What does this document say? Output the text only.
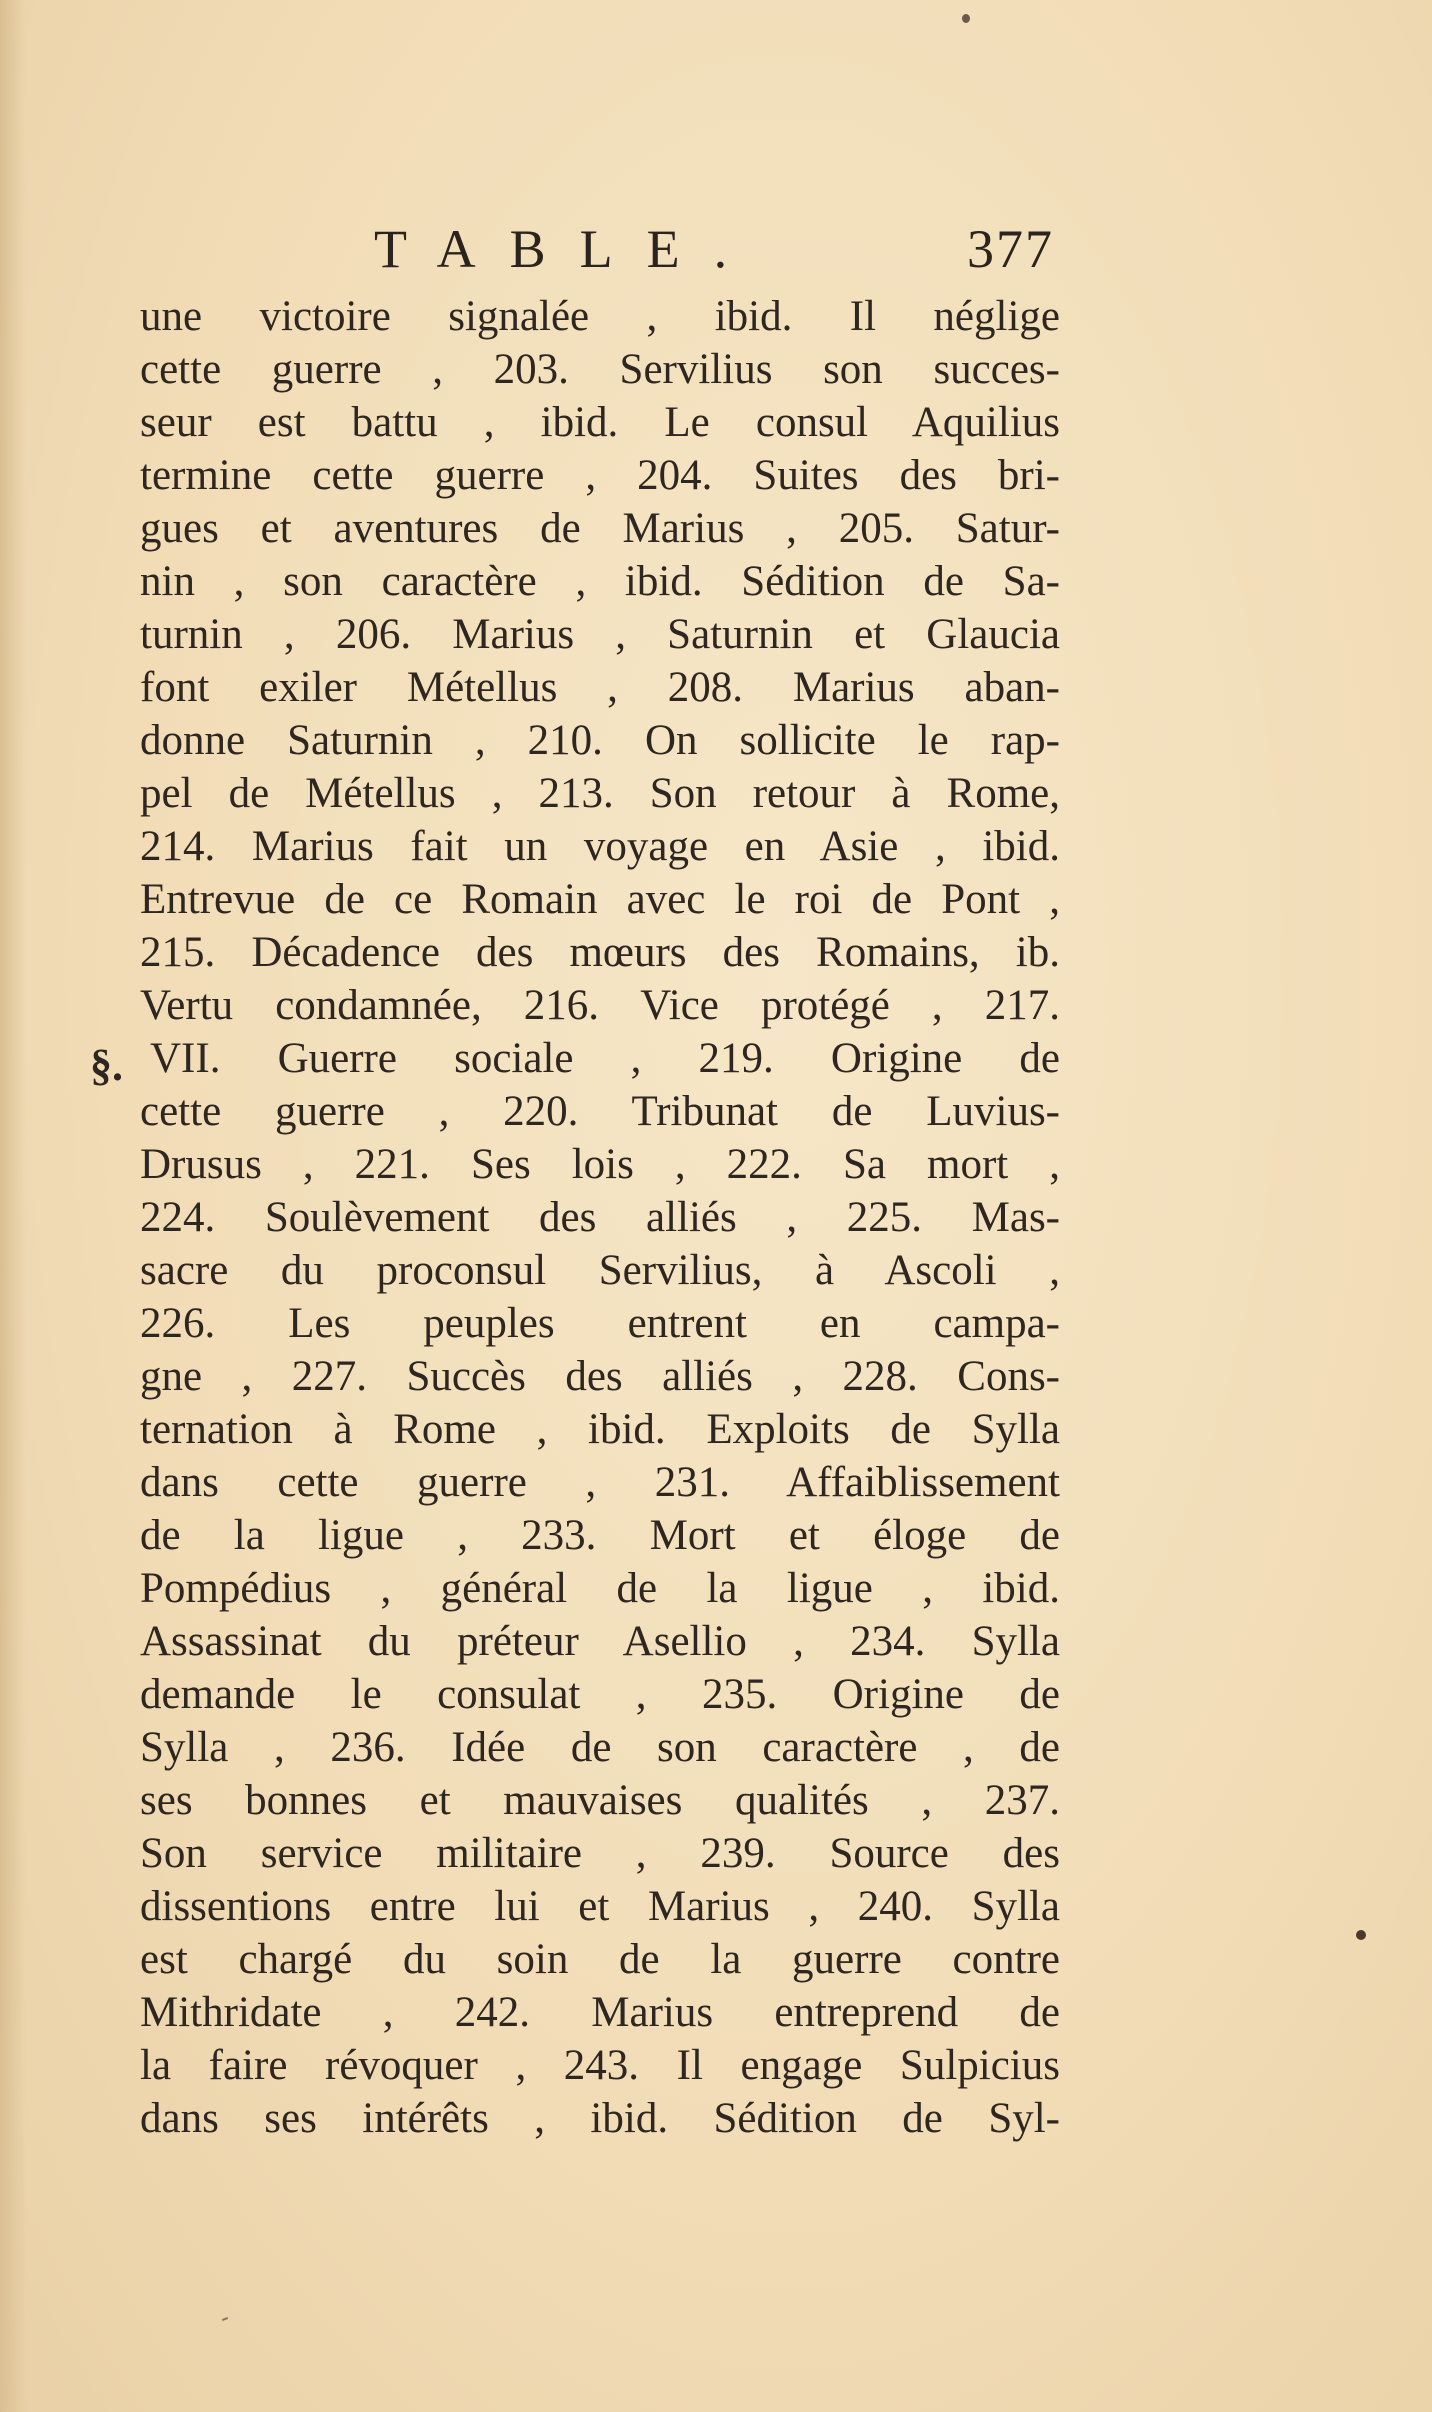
TABLE.	377
§.
une victoire signalée , ibid. Il néglige
cette guerre , 203. Servilius son succes-
seur est battu , ibid. Le consul Aquilius
termine cette guerre , 204. Suites des bri-
gues et aventures de Marius , 205. Satur-
nin , son caractère , ibid. Sédition de Sa-
turnin , 206. Marius , Saturnin et Glaucia
font exiler Métellus , 208. Marius aban-
donne Saturnin , 210. On sollicite le rap-
pel de Métellus , 213. Son retour à Rome,
214. Marius fait un voyage en Asie , ibid.
Entrevue de ce Romain avec le roi de Pont ,
215. Décadence des mœurs des Romains, ib.
Vertu condamnée, 216. Vice protégé , 217.
VII. Guerre sociale , 219. Origine de
cette guerre , 220. Tribunat de Luvius-
Drusus , 221. Ses lois , 222. Sa mort ,
224. Soulèvement des alliés , 225. Mas-
sacre du proconsul Servilius, à Ascoli ,
226. Les peuples entrent en campa-
gne , 227. Succès des alliés , 228. Cons-
ternation à Rome , ibid. Exploits de Sylla
dans cette guerre , 231. Affaiblissement
de la ligue , 233. Mort et éloge de
Pompédius , général de la ligue , ibid.
Assassinat du préteur Asellio , 234. Sylla
demande le consulat , 235. Origine de
Sylla , 236. Idée de son caractère , de
ses bonnes et mauvaises qualités , 237.
Son service militaire , 239. Source des
dissentions entre lui et Marius , 240. Sylla
est chargé du soin de la guerre contre
Mithridate , 242. Marius entreprend de
la faire révoquer , 243. Il engage Sulpicius
dans ses intérêts , ibid. Sédition de Syl-
